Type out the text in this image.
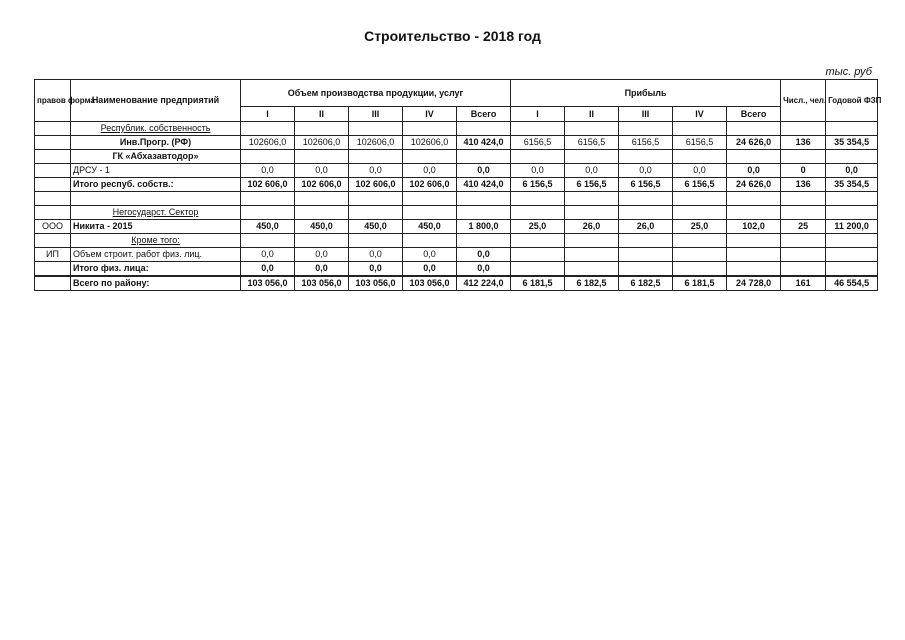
Строительство - 2018 год
тыс. руб
правов форма	Наименование предприятий	Объем производства продукции, услуг					Прибыль					Числ., чел.	Годовой ФЗП
		I	II	III	IV	Всего	I	II	III	IV	Всего		
	Республик. собственность												
	Инв.Прогр. (РФ)	102606,0	102606,0	102606,0	102606,0	410 424,0	6156,5	6156,5	6156,5	6156,5	24 626,0	136	35 354,5
	ГК «Абхазавтодор»												
	ДРСУ - 1	0,0	0,0	0,0	0,0	0,0	0,0	0,0	0,0	0,0	0,0	0	0,0
	Итого респуб. собств.:	102 606,0	102 606,0	102 606,0	102 606,0	410 424,0	6 156,5	6 156,5	6 156,5	6 156,5	24 626,0	136	35 354,5

	Негосударст. Сектор												
ООО	Никита - 2015	450,0	450,0	450,0	450,0	1 800,0	25,0	26,0	26,0	25,0	102,0	25	11 200,0
	Кроме того:												
ИП	Объем строит. работ физ. лиц.	0,0	0,0	0,0	0,0	0,0							
	Итого физ. лица:	0,0	0,0	0,0	0,0	0,0							
	Всего по району:	103 056,0	103 056,0	103 056,0	103 056,0	412 224,0	6 181,5	6 182,5	6 182,5	6 181,5	24 728,0	161	46 554,5
